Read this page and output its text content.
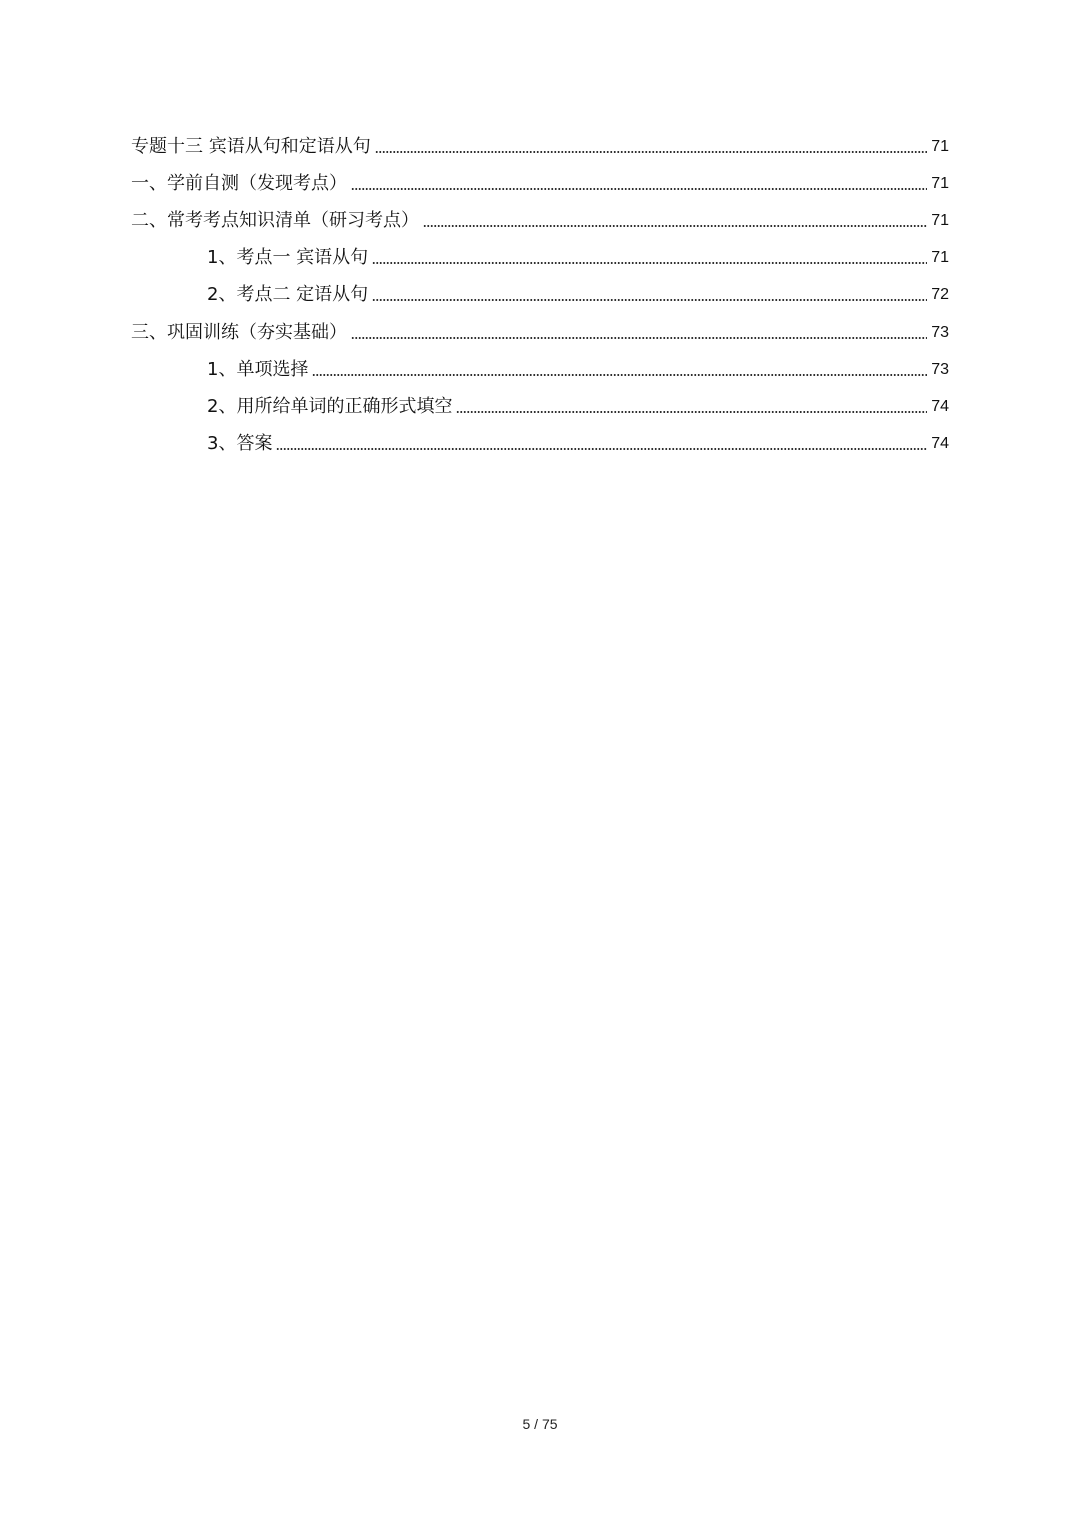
专题十三 宾语从句和定语从句	71
一、学前自测（发现考点）	71
二、常考考点知识清单（研习考点）	71
1、考点一 宾语从句	71
2、考点二 定语从句	72
三、巩固训练（夯实基础）	73
1、单项选择	73
2、用所给单词的正确形式填空	74
3、答案	74
5 / 75
